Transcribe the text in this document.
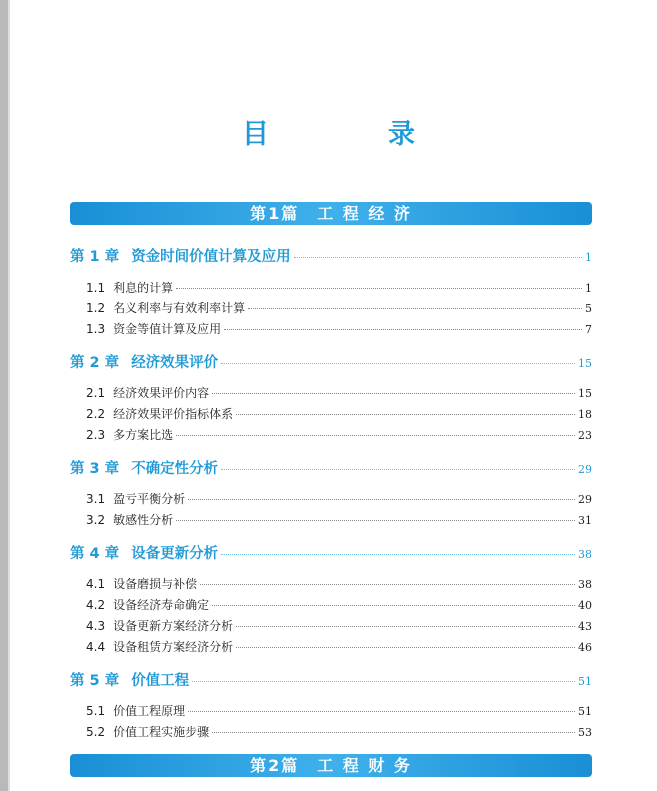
目　录
第1篇　工 程 经 济
第 1 章 资金时间价值计算及应用	1
1.1 利息的计算	1
1.2 名义利率与有效利率计算	5
1.3 资金等值计算及应用	7
第 2 章 经济效果评价	15
2.1 经济效果评价内容	15
2.2 经济效果评价指标体系	18
2.3 多方案比选	23
第 3 章 不确定性分析	29
3.1 盈亏平衡分析	29
3.2 敏感性分析	31
第 4 章 设备更新分析	38
4.1 设备磨损与补偿	38
4.2 设备经济寿命确定	40
4.3 设备更新方案经济分析	43
4.4 设备租赁方案经济分析	46
第 5 章 价值工程	51
5.1 价值工程原理	51
5.2 价值工程实施步骤	53
第2篇　工 程 财 务
